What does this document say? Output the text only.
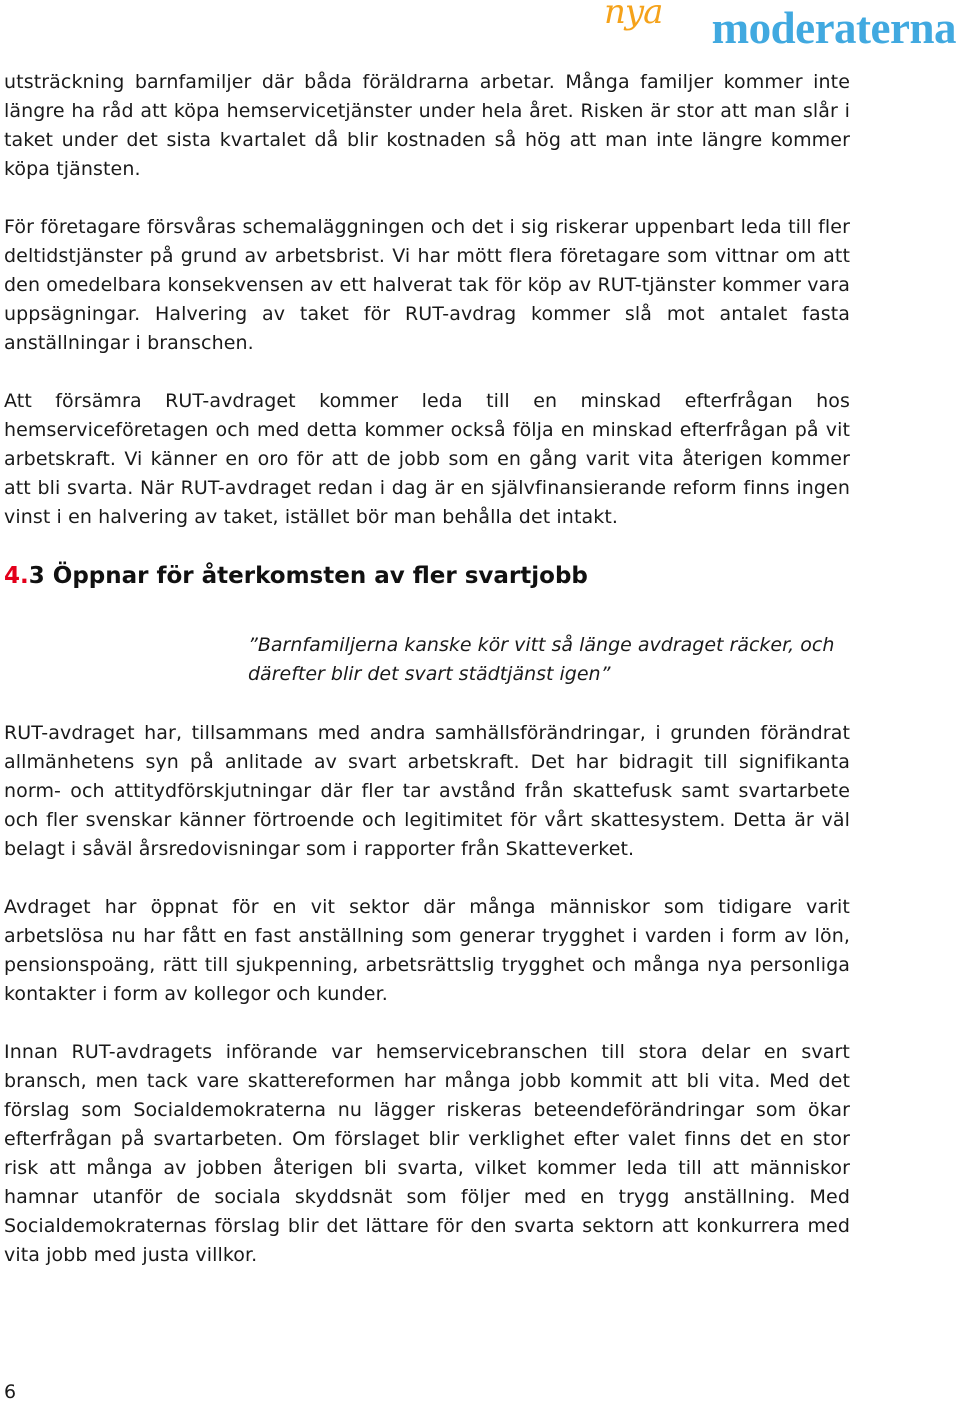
nya moderaterna

utsträckning barnfamiljer där båda föräldrarna arbetar. Många familjer kommer inte längre ha råd att köpa hemservicetjänster under hela året. Risken är stor att man slår i taket under det sista kvartalet då blir kostnaden så hög att man inte längre kommer köpa tjänsten.

För företagare försvåras schemaläggningen och det i sig riskerar uppenbart leda till fler deltidstjänster på grund av arbetsbrist. Vi har mött flera företagare som vittnar om att den omedelbara konsekvensen av ett halverat tak för köp av RUT-tjänster kommer vara uppsägningar. Halvering av taket för RUT-avdrag kommer slå mot antalet fasta anställningar i branschen.

Att försämra RUT-avdraget kommer leda till en minskad efterfrågan hos hemserviceföretagen och med detta kommer också följa en minskad efterfrågan på vit arbetskraft. Vi känner en oro för att de jobb som en gång varit vita återigen kommer att bli svarta. När RUT-avdraget redan i dag är en självfinansierande reform finns ingen vinst i en halvering av taket, istället bör man behålla det intakt.

4.3 Öppnar för återkomsten av fler svartjobb
”Barnfamiljerna kanske kör vitt så länge avdraget räcker, och därefter blir det svart städtjänst igen”

RUT-avdraget har, tillsammans med andra samhällsförändringar, i grunden förändrat allmänhetens syn på anlitade av svart arbetskraft. Det har bidragit till signifikanta norm- och attitydförskjutningar där fler tar avstånd från skattefusk samt svartarbete och fler svenskar känner förtroende och legitimitet för vårt skattesystem. Detta är väl belagt i såväl årsredovisningar som i rapporter från Skatteverket.

Avdraget har öppnat för en vit sektor där många människor som tidigare varit arbetslösa nu har fått en fast anställning som generar trygghet i varden i form av lön, pensionspoäng, rätt till sjukpenning, arbetsrättslig trygghet och många nya personliga kontakter i form av kollegor och kunder.

Innan RUT-avdragets införande var hemservicebranschen till stora delar en svart bransch, men tack vare skattereformen har många jobb kommit att bli vita. Med det förslag som Socialdemokraterna nu lägger riskeras beteendeförändringar som ökar efterfrågan på svartarbeten. Om förslaget blir verklighet efter valet finns det en stor risk att många av jobben återigen bli svarta, vilket kommer leda till att människor hamnar utanför de sociala skyddsnät som följer med en trygg anställning. Med Socialdemokraternas förslag blir det lättare för den svarta sektorn att konkurrera med vita jobb med justa villkor.

6
